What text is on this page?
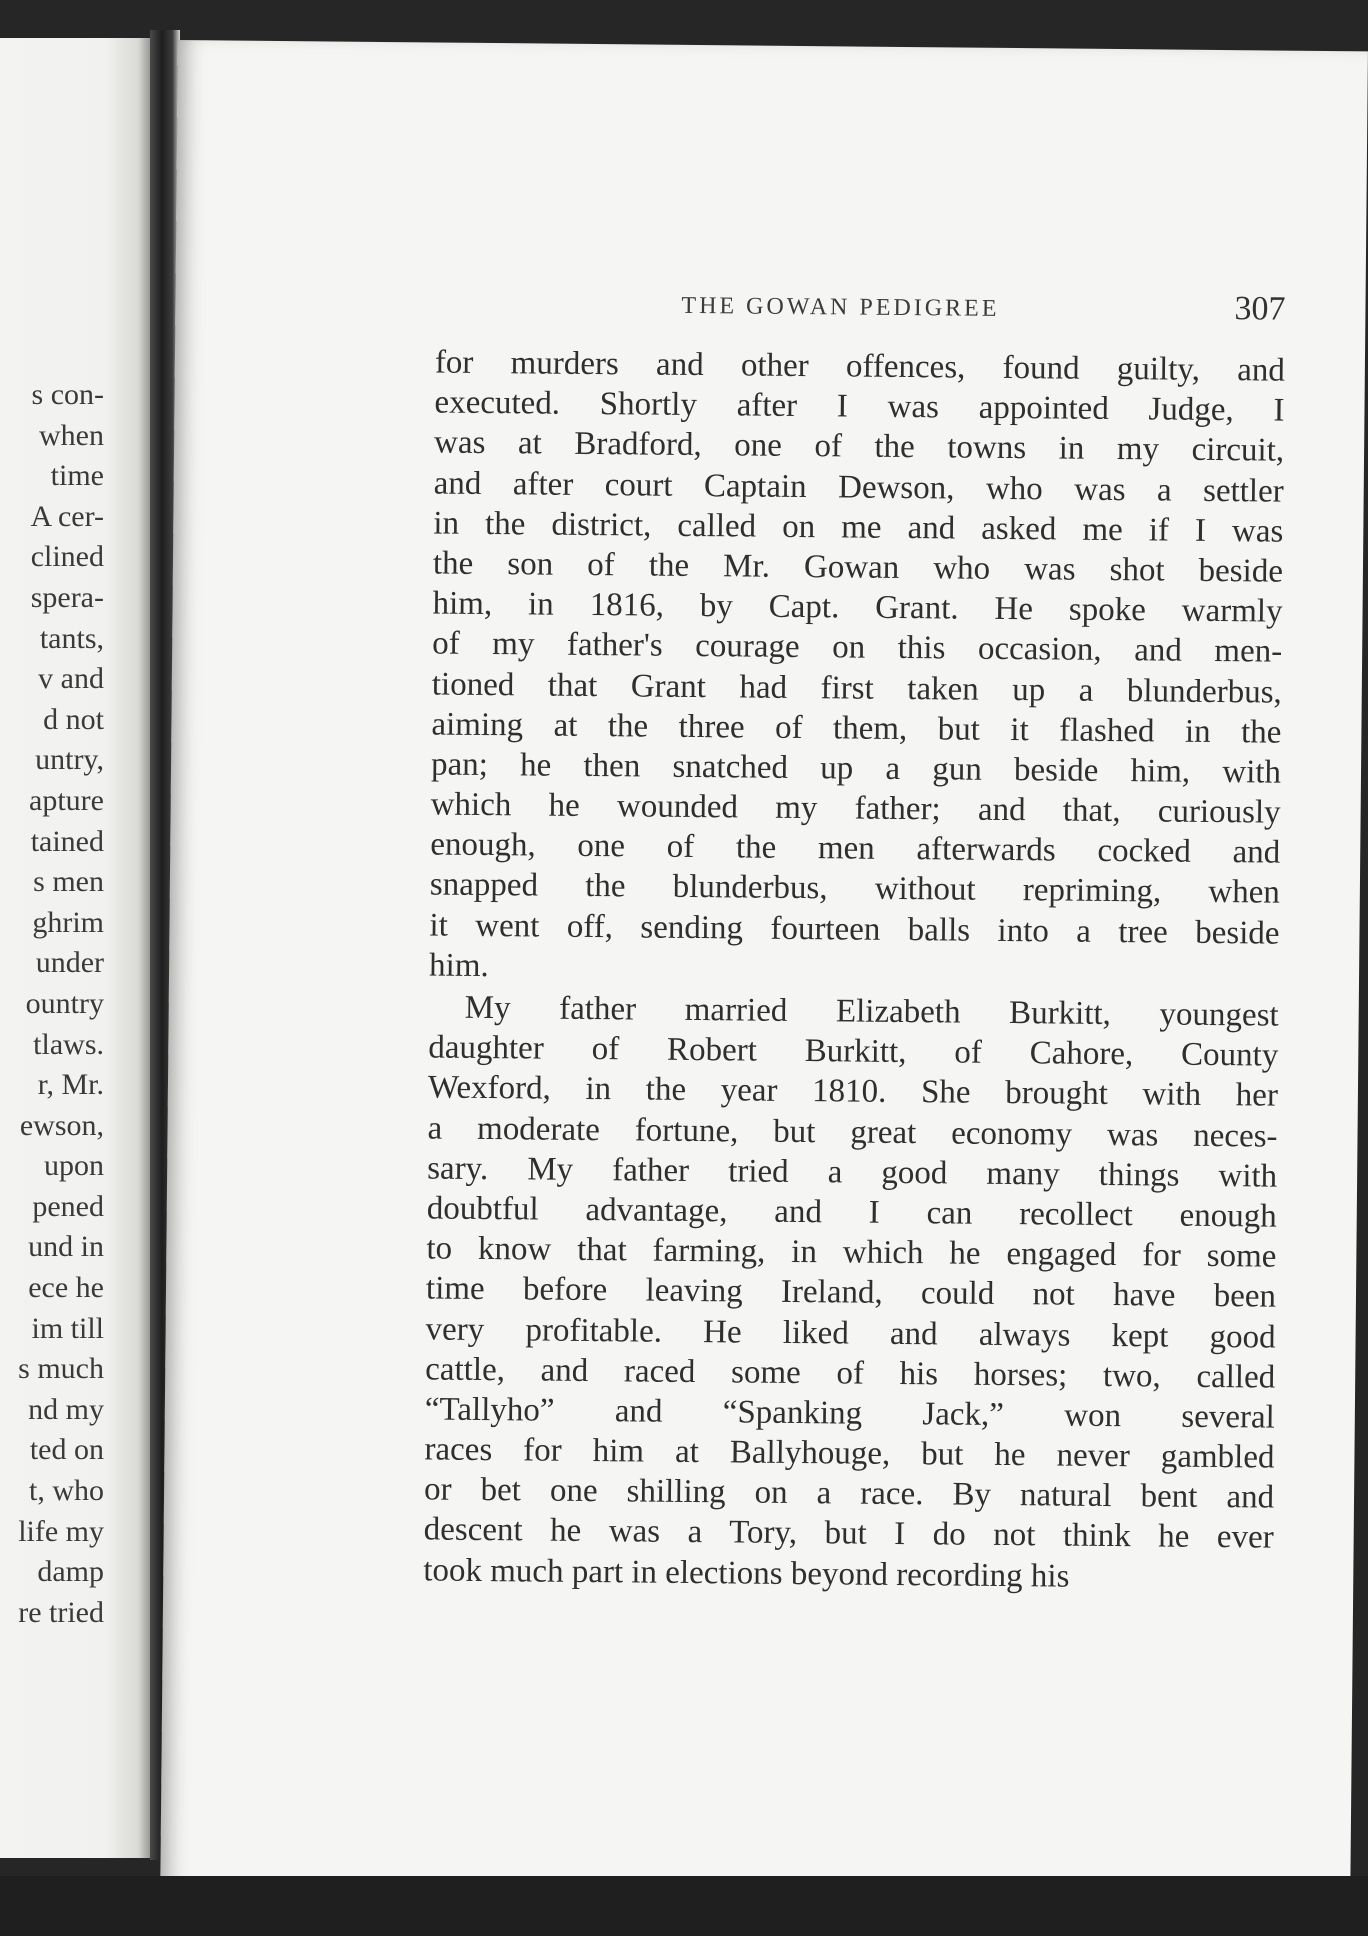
s con-
when
time
A cer-
clined
spera-
tants,
v and
d not
untry,
apture
tained
s men
ghrim
under
ountry
tlaws.
r, Mr.
ewson,
upon
pened
und in
ece he
im till
s much
nd my
ted on
t, who
life my
damp
re tried
THE GOWAN PEDIGREE	307
for murders and other offences, found guilty, and
executed. Shortly after I was appointed Judge, I
was at Bradford, one of the towns in my circuit,
and after court Captain Dewson, who was a settler
in the district, called on me and asked me if I was
the son of the Mr. Gowan who was shot beside
him, in 1816, by Capt. Grant. He spoke warmly
of my father's courage on this occasion, and men-
tioned that Grant had first taken up a blunderbus,
aiming at the three of them, but it flashed in the
pan; he then snatched up a gun beside him, with
which he wounded my father; and that, curiously
enough, one of the men afterwards cocked and
snapped the blunderbus, without repriming, when
it went off, sending fourteen balls into a tree beside
him.
My father married Elizabeth Burkitt, youngest
daughter of Robert Burkitt, of Cahore, County
Wexford, in the year 1810. She brought with her
a moderate fortune, but great economy was neces-
sary. My father tried a good many things with
doubtful advantage, and I can recollect enough
to know that farming, in which he engaged for some
time before leaving Ireland, could not have been
very profitable. He liked and always kept good
cattle, and raced some of his horses; two, called
“Tallyho” and “Spanking Jack,” won several
races for him at Ballyhouge, but he never gambled
or bet one shilling on a race. By natural bent and
descent he was a Tory, but I do not think he ever
took much part in elections beyond recording his
